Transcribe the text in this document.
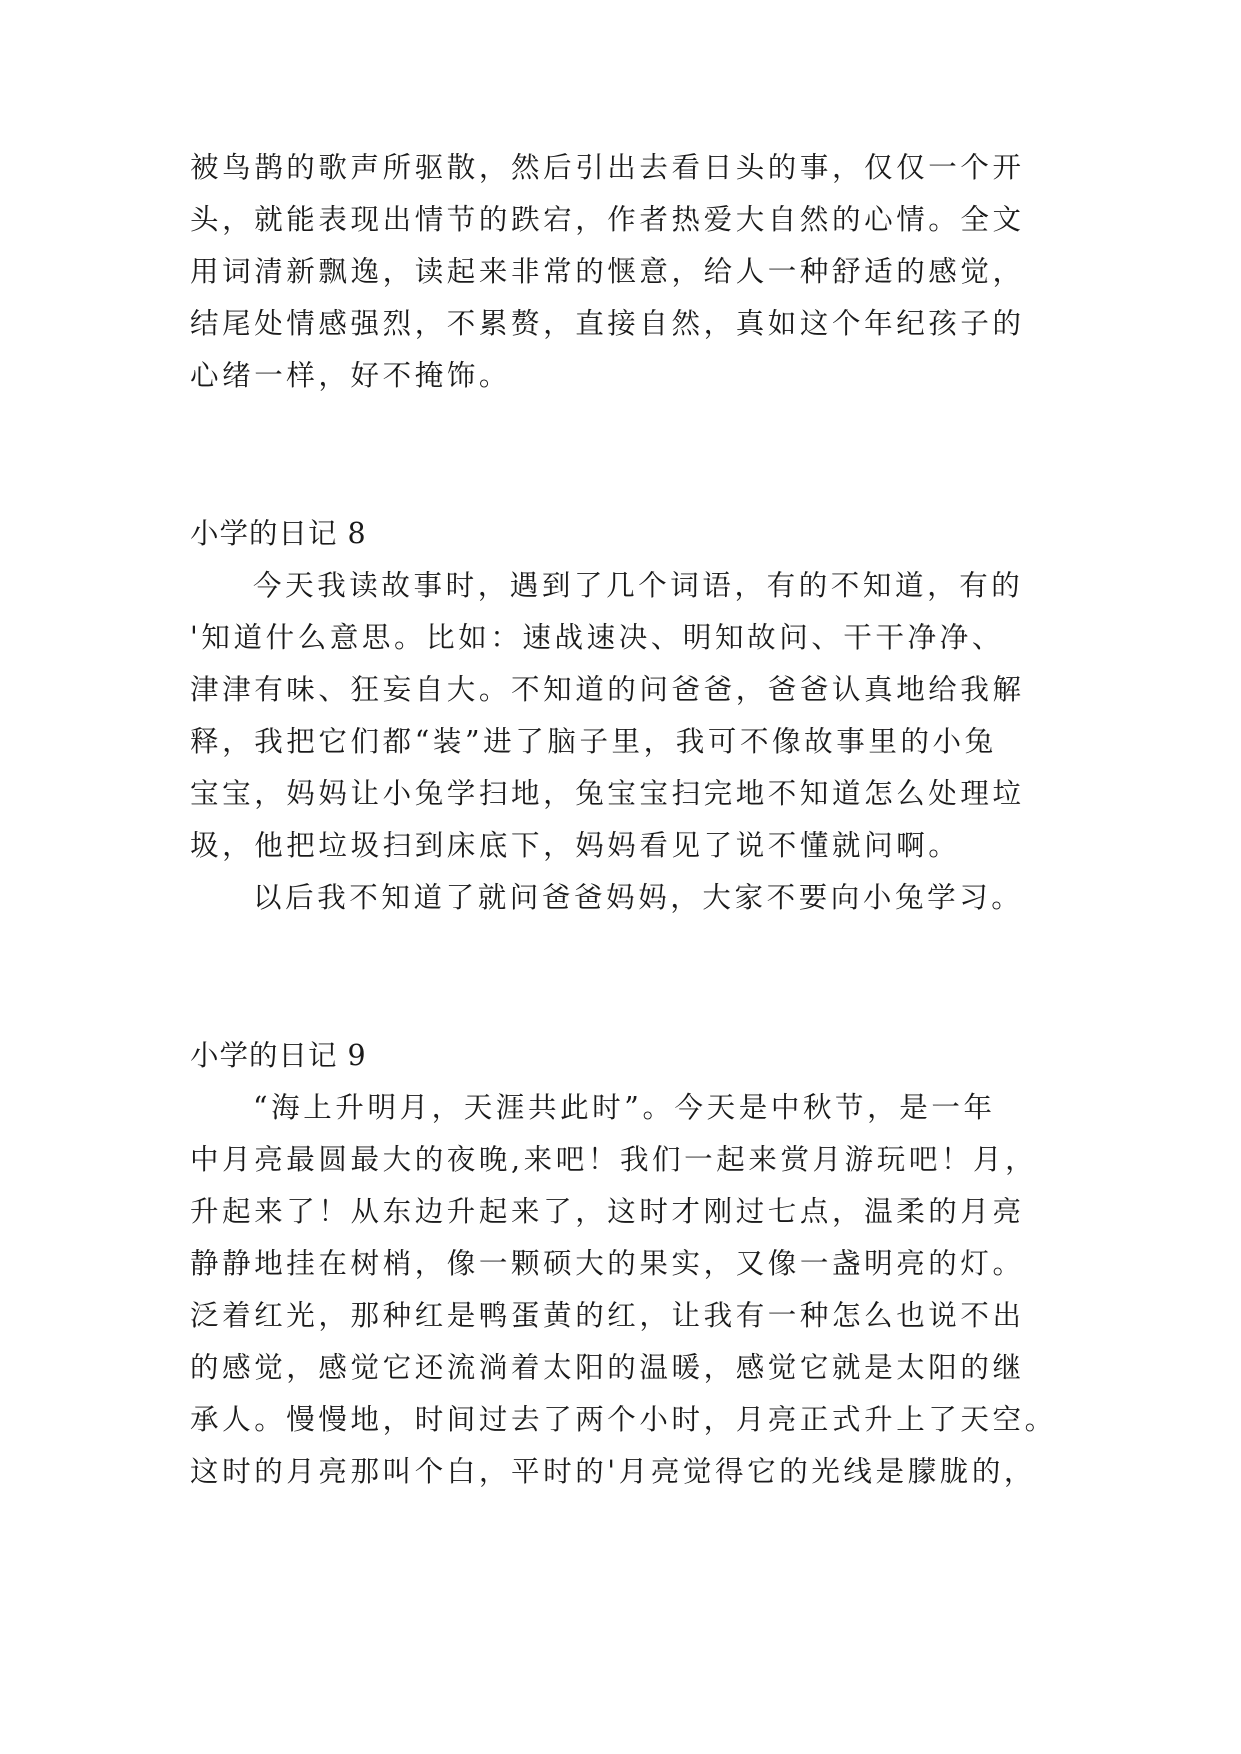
被鸟鹊的歌声所驱散，然后引出去看日头的事，仅仅一个开
头，就能表现出情节的跌宕，作者热爱大自然的心情。全文
用词清新飘逸，读起来非常的惬意，给人一种舒适的感觉，
结尾处情感强烈，不累赘，直接自然，真如这个年纪孩子的
心绪一样，好不掩饰。
小学的日记 8
今天我读故事时，遇到了几个词语，有的不知道，有的
'知道什么意思。比如：速战速决、明知故问、干干净净、
津津有味、狂妄自大。不知道的问爸爸，爸爸认真地给我解
释，我把它们都“装”进了脑子里，我可不像故事里的小兔
宝宝，妈妈让小兔学扫地，兔宝宝扫完地不知道怎么处理垃
圾，他把垃圾扫到床底下，妈妈看见了说不懂就问啊。
以后我不知道了就问爸爸妈妈，大家不要向小兔学习。
小学的日记 9
“海上升明月，天涯共此时”。今天是中秋节，是一年
中月亮最圆最大的夜晚,来吧！我们一起来赏月游玩吧！月，
升起来了！从东边升起来了，这时才刚过七点，温柔的月亮
静静地挂在树梢，像一颗硕大的果实，又像一盏明亮的灯。
泛着红光，那种红是鸭蛋黄的红，让我有一种怎么也说不出
的感觉，感觉它还流淌着太阳的温暖，感觉它就是太阳的继
承人。慢慢地，时间过去了两个小时，月亮正式升上了天空。
这时的月亮那叫个白，平时的'月亮觉得它的光线是朦胧的，
